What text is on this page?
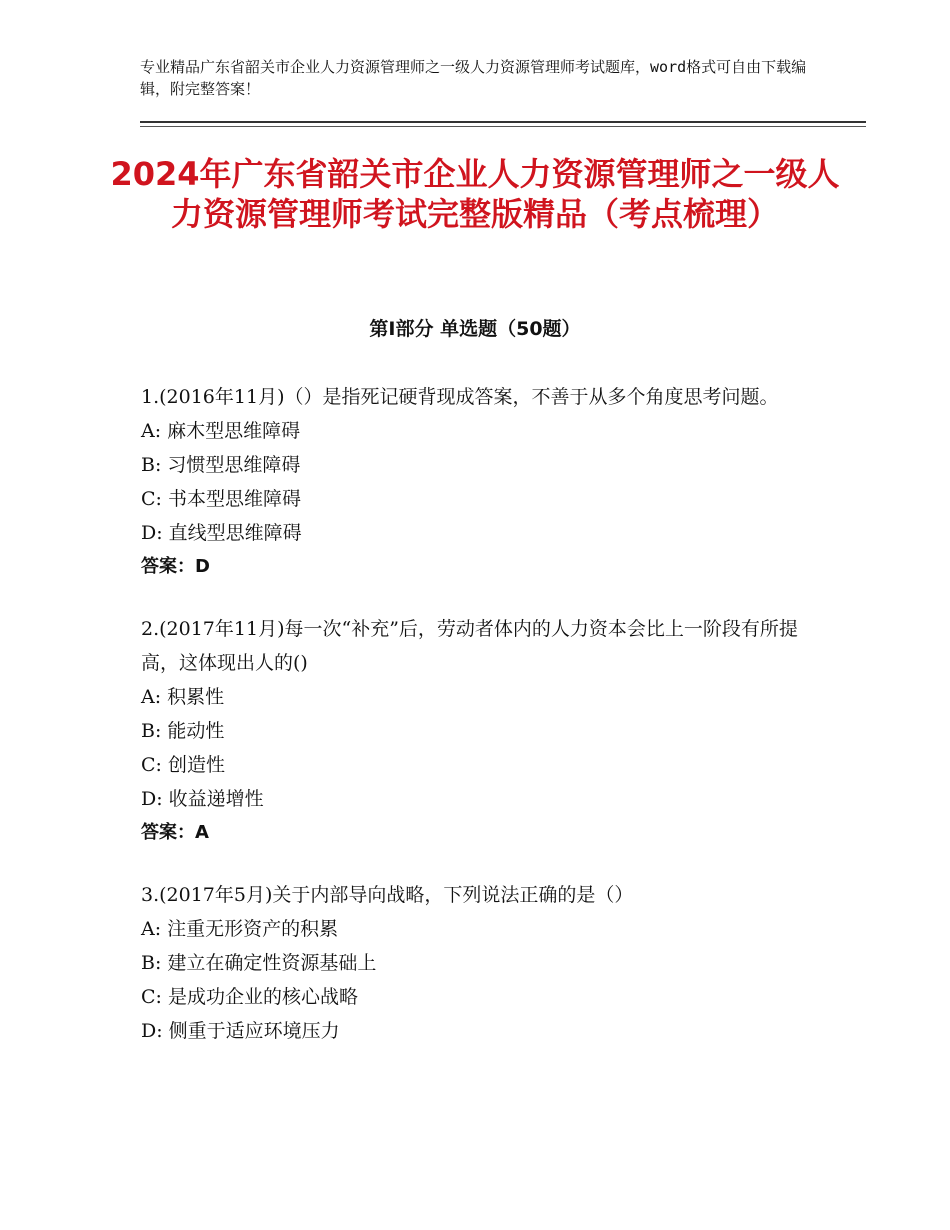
专业精品广东省韶关市企业人力资源管理师之一级人力资源管理师考试题库，word格式可自由下载编辑，附完整答案！
2024年广东省韶关市企业人力资源管理师之一级人力资源管理师考试完整版精品（考点梳理）
第Ⅰ部分 单选题（50题）
1.(2016年11月)（）是指死记硬背现成答案，不善于从多个角度思考问题。
A: 麻木型思维障碍
B: 习惯型思维障碍
C: 书本型思维障碍
D: 直线型思维障碍
答案：D
2.(2017年11月)每一次“补充”后，劳动者体内的人力资本会比上一阶段有所提高，这体现出人的()
A: 积累性
B: 能动性
C: 创造性
D: 收益递增性
答案：A
3.(2017年5月)关于内部导向战略，下列说法正确的是（）
A: 注重无形资产的积累
B: 建立在确定性资源基础上
C: 是成功企业的核心战略
D: 侧重于适应环境压力
